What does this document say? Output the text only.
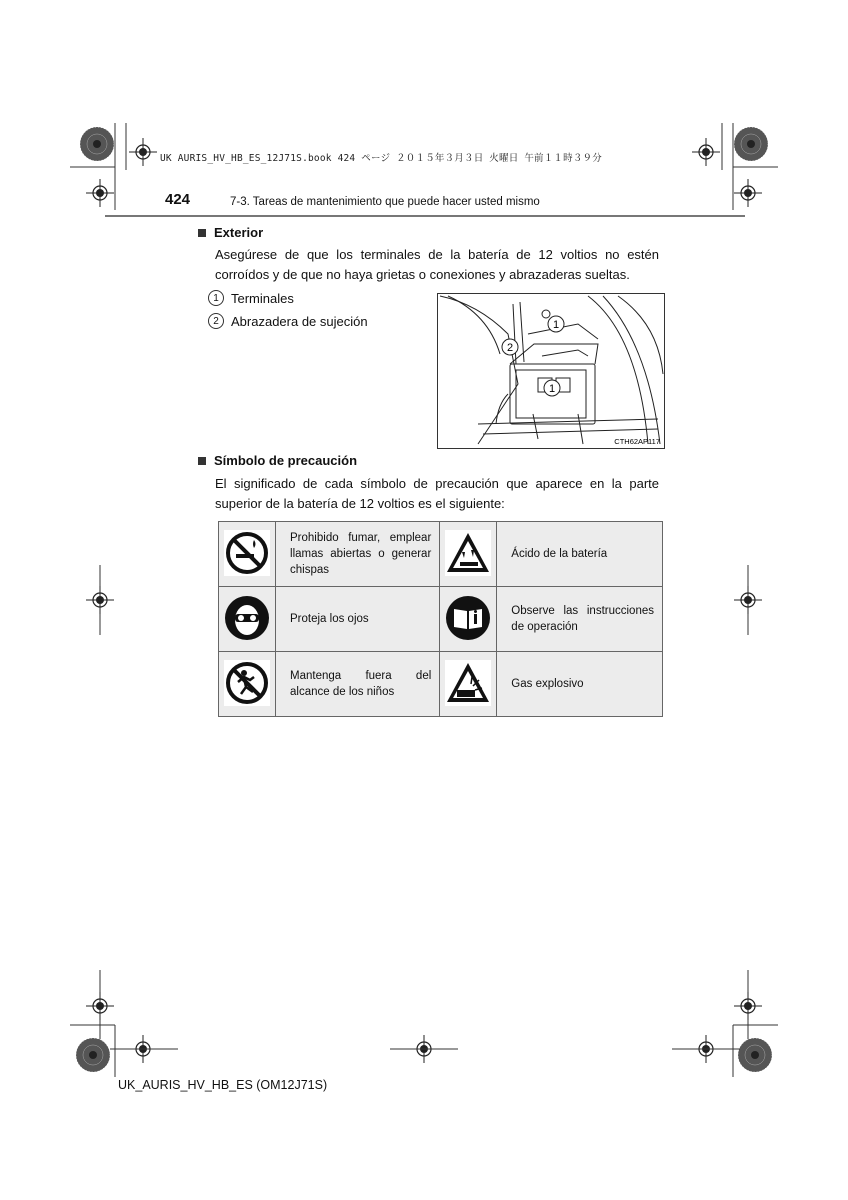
UK AURIS_HV_HB_ES_12J71S.book 424 ページ ２０１５年３月３日 火曜日 午前１１時３９分
424	7-3. Tareas de mantenimiento que puede hacer usted mismo
Exterior
Asegúrese de que los terminales de la batería de 12 voltios no estén
corroídos y de que no haya grietas o conexiones y abrazaderas sueltas.
1 Terminales
2 Abrazadera de sujeción	1
2
1
CTH62AP117
Símbolo de precaución
El significado de cada símbolo de precaución que aparece en la parte
superior de la batería de 12 voltios es el siguiente:
	Prohibido fumar, emplear llamas abiertas o generar chispas		Ácido de la batería
	Proteja los ojos		Observe las instrucciones de operación
	Mantenga fuera del alcance de los niños		Gas explosivo
UK_AURIS_HV_HB_ES (OM12J71S)
